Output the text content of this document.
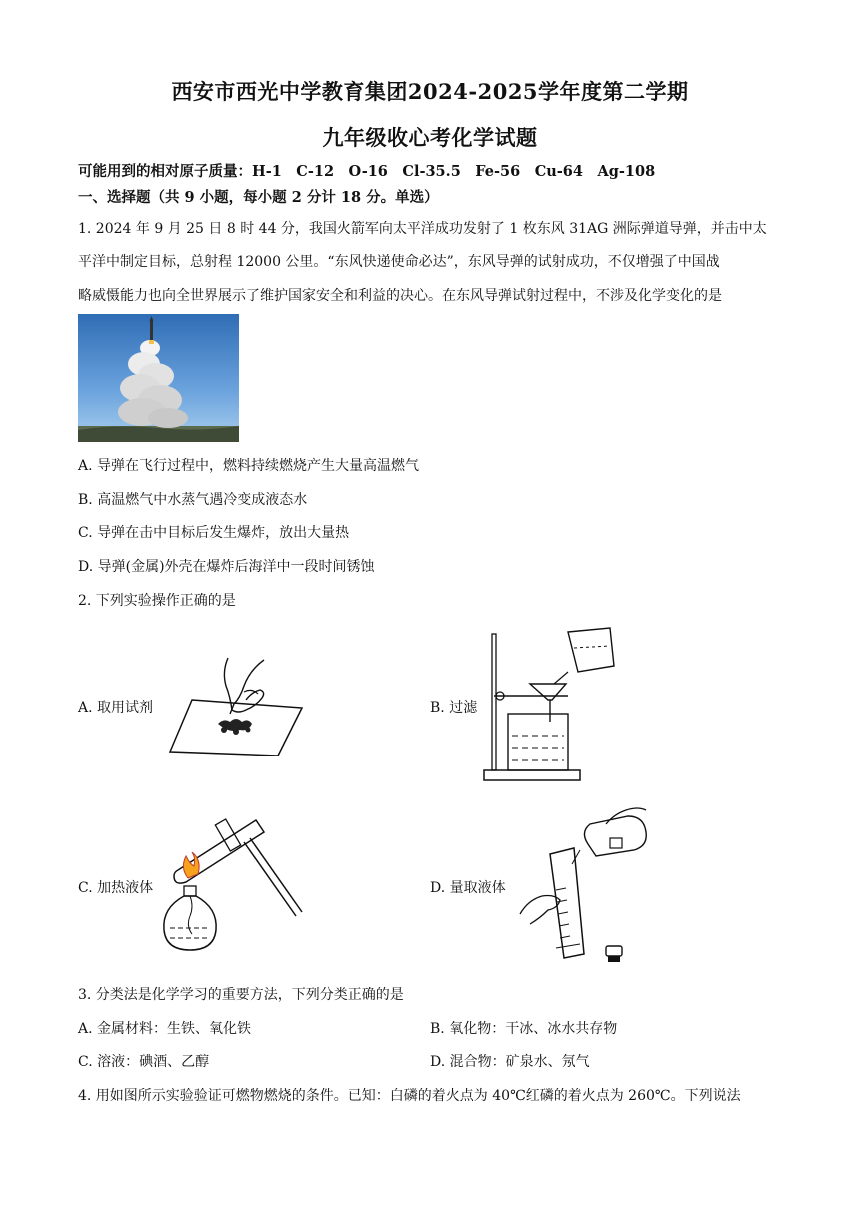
西安市西光中学教育集团2024-2025学年度第二学期
九年级收心考化学试题
可能用到的相对原子质量：H-1　C-12　O-16　Cl-35.5　Fe-56　Cu-64　Ag-108
一、选择题（共 9 小题，每小题 2 分计 18 分。单选）
1. 2024 年 9 月 25 日 8 时 44 分，我国火箭军向太平洋成功发射了 1 枚东风 31AG 洲际弹道导弹，并击中太
平洋中制定目标，总射程 12000 公里。“东风快递使命必达”，东风导弹的试射成功，不仅增强了中国战
略威慑能力也向全世界展示了维护国家安全和利益的决心。在东风导弹试射过程中，不涉及化学变化的是
A. 导弹在飞行过程中，燃料持续燃烧产生大量高温燃气
B. 高温燃气中水蒸气遇冷变成液态水
C. 导弹在击中目标后发生爆炸，放出大量热
D. 导弹(金属)外壳在爆炸后海洋中一段时间锈蚀
2. 下列实验操作正确的是
A. 取用试剂	B. 过滤
C. 加热液体	D. 量取液体
3. 分类法是化学学习的重要方法，下列分类正确的是
A. 金属材料：生铁、氧化铁	B. 氧化物：干冰、冰水共存物
C. 溶液：碘酒、乙醇	D. 混合物：矿泉水、氖气
4. 用如图所示实验验证可燃物燃烧的条件。已知：白磷的着火点为 40℃红磷的着火点为 260℃。下列说法
